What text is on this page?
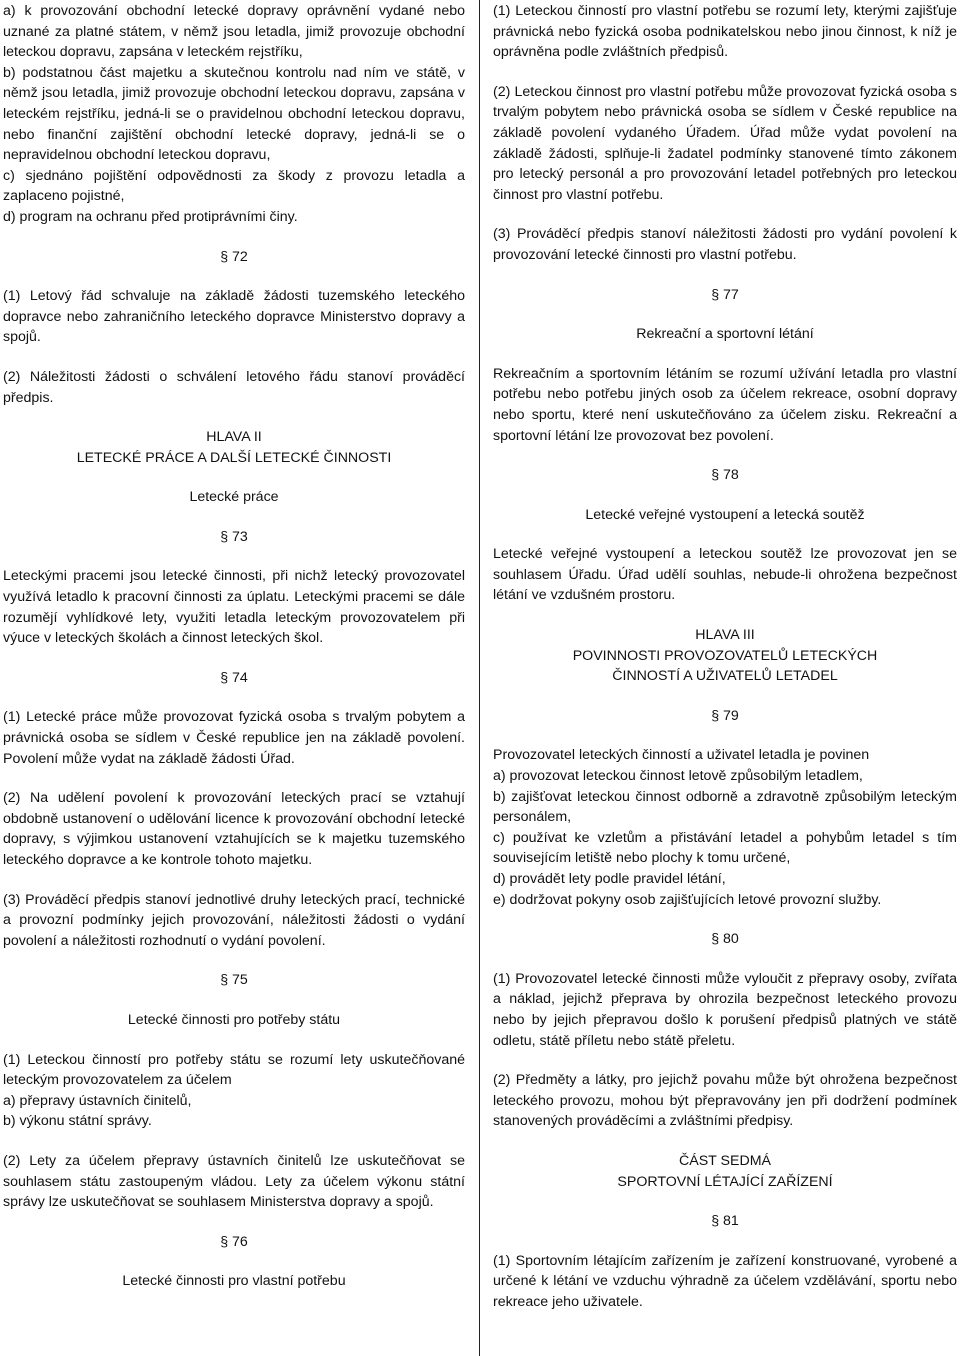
a) k provozování obchodní letecké dopravy oprávnění vydané nebo uznané za platné státem, v němž jsou letadla, jimiž provozuje obchodní leteckou dopravu, zapsána v leteckém rejstříku,

b) podstatnou část majetku a skutečnou kontrolu nad ním ve státě, v němž jsou letadla, jimiž provozuje obchodní leteckou dopravu, zapsána v leteckém rejstříku, jedná-li se o pravidelnou obchodní leteckou dopravu, nebo finanční zajištění obchodní letecké dopravy, jedná-li se o nepravidelnou obchodní leteckou dopravu,

c) sjednáno pojištění odpovědnosti za škody z provozu letadla a zaplaceno pojistné,

d) program na ochranu před protiprávními činy.

§ 72

(1) Letový řád schvaluje na základě žádosti tuzemského leteckého dopravce nebo zahraničního leteckého dopravce Ministerstvo dopravy a spojů.

(2) Náležitosti žádosti o schválení letového řádu stanoví prováděcí předpis.

HLAVA II

LETECKÉ PRÁCE A DALŠÍ LETECKÉ ČINNOSTI

Letecké práce

§ 73

Leteckými pracemi jsou letecké činnosti, při nichž letecký provozovatel využívá letadlo k pracovní činnosti za úplatu. Leteckými pracemi se dále rozumějí vyhlídkové lety, využiti letadla leteckým provozovatelem při výuce v leteckých školách a činnost leteckých škol.

§ 74

(1) Letecké práce může provozovat fyzická osoba s trvalým pobytem a právnická osoba se sídlem v České republice jen na základě povolení. Povolení může vydat na základě žádosti Úřad.

(2) Na udělení povolení k provozování leteckých prací se vztahují obdobně ustanovení o udělování licence k provozování obchodní letecké dopravy, s výjimkou ustanovení vztahujících se k majetku tuzemského leteckého dopravce a ke kontrole tohoto majetku.

(3) Prováděcí předpis stanoví jednotlivé druhy leteckých prací, technické a provozní podmínky jejich provozování, náležitosti žádosti o vydání povolení a náležitosti rozhodnutí o vydání povolení.

§ 75

Letecké činnosti pro potřeby státu

(1) Leteckou činností pro potřeby státu se rozumí lety uskutečňované leteckým provozovatelem za účelem

a) přepravy ústavních činitelů,

b) výkonu státní správy.

(2) Lety za účelem přepravy ústavních činitelů lze uskutečňovat se souhlasem státu zastoupeným vládou. Lety za účelem výkonu státní správy lze uskutečňovat se souhlasem Ministerstva dopravy a spojů.

§ 76

Letecké činnosti pro vlastní potřebu

(1) Leteckou činností pro vlastní potřebu se rozumí lety, kterými zajišťuje právnická nebo fyzická osoba podnikatelskou nebo jinou činnost, k níž je oprávněna podle zvláštních předpisů.

(2) Leteckou činnost pro vlastní potřebu může provozovat fyzická osoba s trvalým pobytem nebo právnická osoba se sídlem v České republice na základě povolení vydaného Úřadem. Úřad může vydat povolení na základě žádosti, splňuje-li žadatel podmínky stanovené tímto zákonem pro letecký personál a pro provozování letadel potřebných pro leteckou činnost pro vlastní potřebu.

(3) Prováděcí předpis stanoví náležitosti žádosti pro vydání povolení k provozování letecké činnosti pro vlastní potřebu.

§ 77

Rekreační a sportovní létání

Rekreačním a sportovním létáním se rozumí užívání letadla pro vlastní potřebu nebo potřebu jiných osob za účelem rekreace, osobní dopravy nebo sportu, které není uskutečňováno za účelem zisku. Rekreační a sportovní létání lze provozovat bez povolení.

§ 78

Letecké veřejné vystoupení a letecká soutěž

Letecké veřejné vystoupení a leteckou soutěž lze provozovat jen se souhlasem Úřadu. Úřad udělí souhlas, nebude-li ohrožena bezpečnost létání ve vzdušném prostoru.

HLAVA III

POVINNOSTI PROVOZOVATELŮ LETECKÝCH

ČINNOSTÍ A UŽIVATELŮ LETADEL

§ 79

Provozovatel leteckých činností a uživatel letadla je povinen

a) provozovat leteckou činnost letově způsobilým letadlem,

b) zajišťovat leteckou činnost odborně a zdravotně způsobilým leteckým personálem,

c) používat ke vzletům a přistávání letadel a pohybům letadel s tím souvisejícím letiště nebo plochy k tomu určené,

d) provádět lety podle pravidel létání,

e) dodržovat pokyny osob zajišťujících letové provozní služby.

§ 80

(1) Provozovatel letecké činnosti může vyloučit z přepravy osoby, zvířata a náklad, jejichž přeprava by ohrozila bezpečnost leteckého provozu nebo by jejich přepravou došlo k porušení předpisů platných ve státě odletu, státě příletu nebo státě přeletu.

(2) Předměty a látky, pro jejichž povahu může být ohrožena bezpečnost leteckého provozu, mohou být přepravovány jen při dodržení podmínek stanovených prováděcími a zvláštními předpisy.

ČÁST SEDMÁ

SPORTOVNÍ LÉTAJÍCÍ ZAŘÍZENÍ

§ 81

(1) Sportovním létajícím zařízením je zařízení konstruované, vyrobené a určené k létání ve vzduchu výhradně za účelem vzdělávání, sportu nebo rekreace jeho uživatele.
